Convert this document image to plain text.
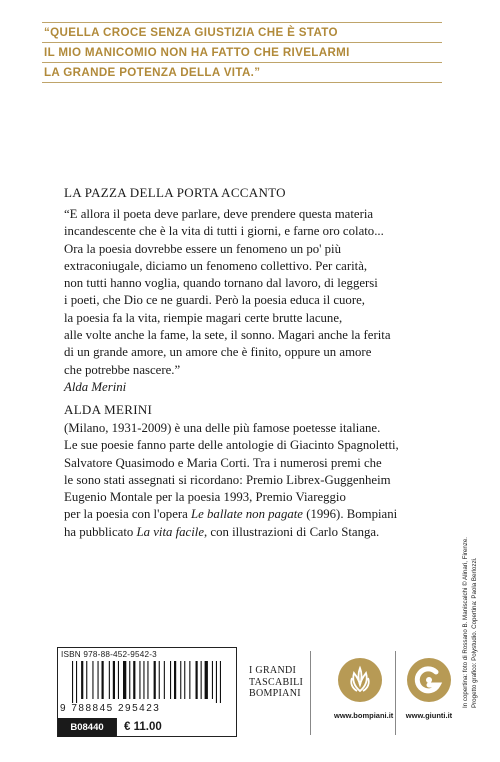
“QUELLA CROCE SENZA GIUSTIZIA CHE È STATO
IL MIO MANICOMIO NON HA FATTO CHE RIVELARMI
LA GRANDE POTENZA DELLA VITA.”
LA PAZZA DELLA PORTA ACCANTO
“E allora il poeta deve parlare, deve prendere questa materia
incandescente che è la vita di tutti i giorni, e farne oro colato...
Ora la poesia dovrebbe essere un fenomeno un po' più
extraconiugale, diciamo un fenomeno collettivo. Per carità,
non tutti hanno voglia, quando tornano dal lavoro, di leggersi
i poeti, che Dio ce ne guardi. Però la poesia educa il cuore,
la poesia fa la vita, riempie magari certe brutte lacune,
alle volte anche la fame, la sete, il sonno. Magari anche la ferita
di un grande amore, un amore che è finito, oppure un amore
che potrebbe nascere.”
Alda Merini
ALDA MERINI
(Milano, 1931-2009) è una delle più famose poetesse italiane.
Le sue poesie fanno parte delle antologie di Giacinto Spagnoletti,
Salvatore Quasimodo e Maria Corti. Tra i numerosi premi che
le sono stati assegnati si ricordano: Premio Librex-Guggenheim
Eugenio Montale per la poesia 1993, Premio Viareggio
per la poesia con l'opera Le ballate non pagate (1996). Bompiani
ha pubblicato La vita facile, con illustrazioni di Carlo Stanga.
In copertina: foto di Rossano B. Maniscalchi © Alinari, Firenze. Progetto grafico: Polystudio. Copertina: Paola Berlozzi.
ISBN 978-88-452-9542-3
9 788845 295423
B08440	€ 11.00
I GRANDI
TASCABILI
BOMPIANI
www.bompiani.it www.giunti.it
